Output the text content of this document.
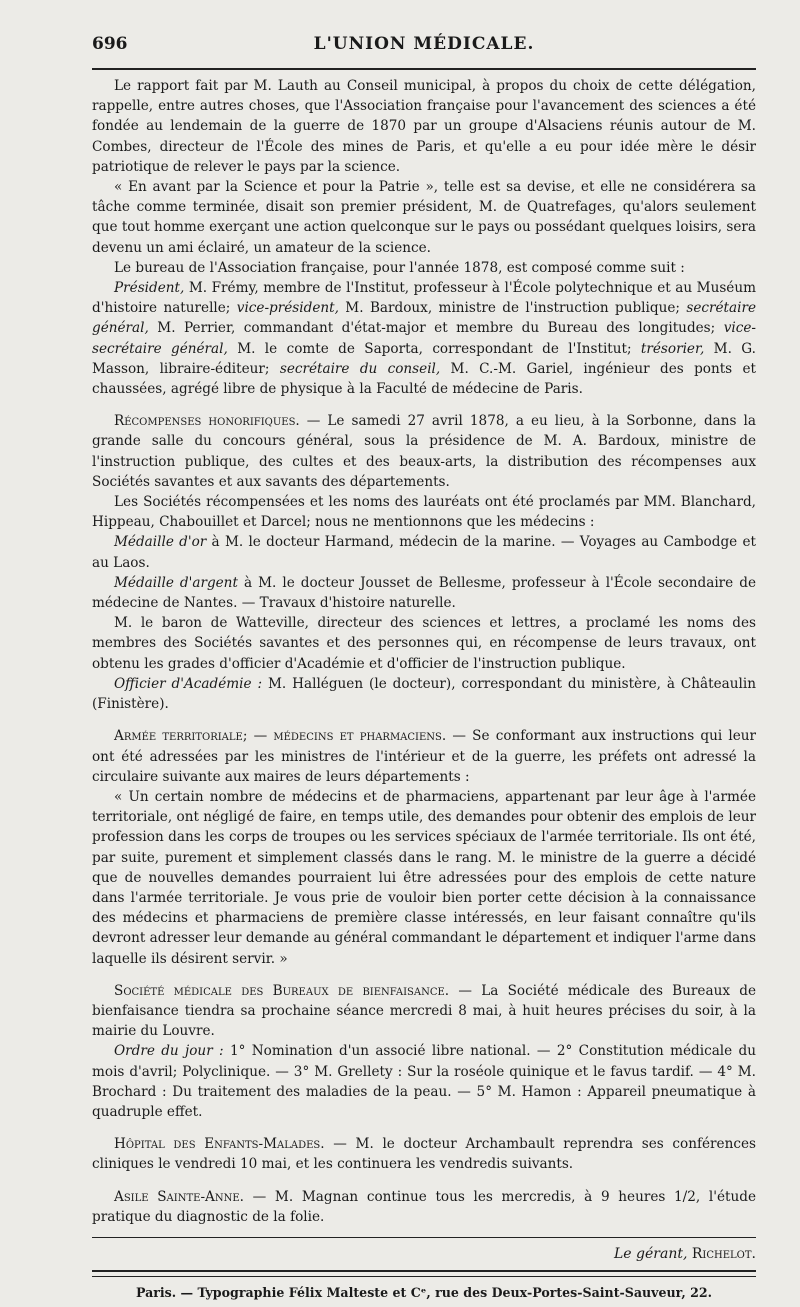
696	L'UNION MÉDICALE.

Le rapport fait par M. Lauth au Conseil municipal, à propos du choix de cette délégation, rappelle, entre autres choses, que l'Association française pour l'avancement des sciences a été fondée au lendemain de la guerre de 1870 par un groupe d'Alsaciens réunis autour de M. Combes, directeur de l'École des mines de Paris, et qu'elle a eu pour idée mère le désir patriotique de relever le pays par la science.

« En avant par la Science et pour la Patrie », telle est sa devise, et elle ne considérera sa tâche comme terminée, disait son premier président, M. de Quatrefages, qu'alors seulement que tout homme exerçant une action quelconque sur le pays ou possédant quelques loisirs, sera devenu un ami éclairé, un amateur de la science.

Le bureau de l'Association française, pour l'année 1878, est composé comme suit :

Président, M. Frémy, membre de l'Institut, professeur à l'École polytechnique et au Muséum d'histoire naturelle; vice-président, M. Bardoux, ministre de l'instruction publique; secrétaire général, M. Perrier, commandant d'état-major et membre du Bureau des longitudes; vice-secrétaire général, M. le comte de Saporta, correspondant de l'Institut; trésorier, M. G. Masson, libraire-éditeur; secrétaire du conseil, M. C.-M. Gariel, ingénieur des ponts et chaussées, agrégé libre de physique à la Faculté de médecine de Paris.

Récompenses honorifiques. — Le samedi 27 avril 1878, a eu lieu, à la Sorbonne, dans la grande salle du concours général, sous la présidence de M. A. Bardoux, ministre de l'instruction publique, des cultes et des beaux-arts, la distribution des récompenses aux Sociétés savantes et aux savants des départements.

Les Sociétés récompensées et les noms des lauréats ont été proclamés par MM. Blanchard, Hippeau, Chabouillet et Darcel; nous ne mentionnons que les médecins :

Médaille d'or à M. le docteur Harmand, médecin de la marine. — Voyages au Cambodge et au Laos.

Médaille d'argent à M. le docteur Jousset de Bellesme, professeur à l'École secondaire de médecine de Nantes. — Travaux d'histoire naturelle.

M. le baron de Watteville, directeur des sciences et lettres, a proclamé les noms des membres des Sociétés savantes et des personnes qui, en récompense de leurs travaux, ont obtenu les grades d'officier d'Académie et d'officier de l'instruction publique.

Officier d'Académie : M. Halléguen (le docteur), correspondant du ministère, à Châteaulin (Finistère).

Armée territoriale; — médecins et pharmaciens. — Se conformant aux instructions qui leur ont été adressées par les ministres de l'intérieur et de la guerre, les préfets ont adressé la circulaire suivante aux maires de leurs départements :

« Un certain nombre de médecins et de pharmaciens, appartenant par leur âge à l'armée territoriale, ont négligé de faire, en temps utile, des demandes pour obtenir des emplois de leur profession dans les corps de troupes ou les services spéciaux de l'armée territoriale. Ils ont été, par suite, purement et simplement classés dans le rang. M. le ministre de la guerre a décidé que de nouvelles demandes pourraient lui être adressées pour des emplois de cette nature dans l'armée territoriale. Je vous prie de vouloir bien porter cette décision à la connaissance des médecins et pharmaciens de première classe intéressés, en leur faisant connaître qu'ils devront adresser leur demande au général commandant le département et indiquer l'arme dans laquelle ils désirent servir. »

Société médicale des Bureaux de bienfaisance. — La Société médicale des Bureaux de bienfaisance tiendra sa prochaine séance mercredi 8 mai, à huit heures précises du soir, à la mairie du Louvre.

Ordre du jour : 1° Nomination d'un associé libre national. — 2° Constitution médicale du mois d'avril; Polyclinique. — 3° M. Grellety : Sur la roséole quinique et le favus tardif. — 4° M. Brochard : Du traitement des maladies de la peau. — 5° M. Hamon : Appareil pneumatique à quadruple effet.

Hôpital des Enfants-Malades. — M. le docteur Archambault reprendra ses conférences cliniques le vendredi 10 mai, et les continuera les vendredis suivants.

Asile Sainte-Anne. — M. Magnan continue tous les mercredis, à 9 heures 1/2, l'étude pratique du diagnostic de la folie.

Le gérant, Richelot.
Paris. — Typographie Félix Malteste et Cᵉ, rue des Deux-Portes-Saint-Sauveur, 22.
